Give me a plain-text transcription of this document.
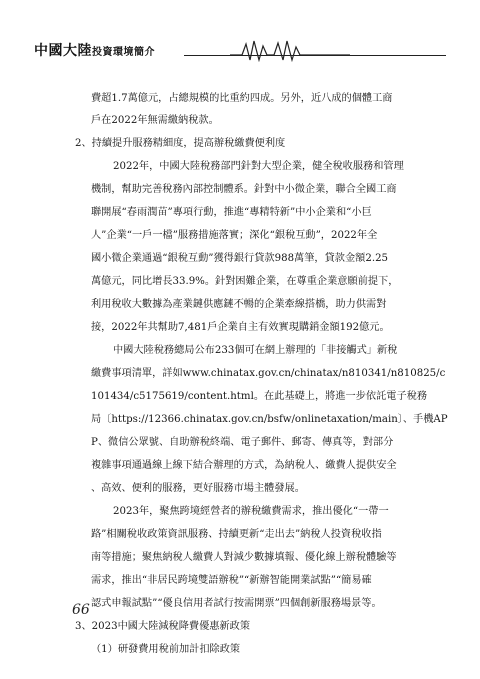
中國大陸投資環境簡介
費超1.7萬億元，占總規模的比重約四成。另外，近八成的個體工商
戶在2022年無需繳納稅款。
2、持續提升服務精細度，提高辦稅繳費便利度
2022年，中國大陸稅務部門針對大型企業，健全稅收服務和管理
機制，幫助完善稅務內部控制體系。針對中小微企業，聯合全國工商
聯開展“春雨潤苗”專項行動，推進“專精特新”中小企業和“小巨
人”企業“一戶一檔”服務措施落實；深化“銀稅互動”，2022年全
國小微企業通過“銀稅互動”獲得銀行貸款988萬筆，貸款金額2.25
萬億元，同比增長33.9%。針對困難企業，在尊重企業意願前提下，
利用稅收大數據為產業鏈供應鏈不暢的企業牽線搭橋，助力供需對
接，2022年共幫助7,481戶企業自主有效實現購銷金額192億元。
中國大陸稅務總局公布233個可在網上辦理的「非接觸式」新稅
繳費事項清單，詳如www.chinatax.gov.cn/chinatax/n810341/n810825/c
101434/c5175619/content.html。在此基礎上，將進一步依託電子稅務
局〔https://12366.chinatax.gov.cn/bsfw/onlinetaxation/main〕、手機AP
P、微信公眾號、自助辦稅終端、電子郵件、郵寄、傳真等，對部分
複雜事項通過線上線下結合辦理的方式，為納稅人、繳費人提供安全
、高效、便利的服務，更好服務市場主體發展。
2023年，聚焦跨境經營者的辦稅繳費需求，推出優化“一帶一
路”相關稅收政策資訊服務、持續更新“走出去”納稅人投資稅收指
南等措施；聚焦納稅人繳費人對減少數據填報、優化線上辦稅體驗等
需求，推出“非居民跨境雙語辦稅”“新辦智能開業試點”“簡易確
認式申報試點”“優良信用者試行按需開票”四個創新服務場景等。
3、2023中國大陸減稅降費優惠新政策
（1）研發費用稅前加計扣除政策
66
